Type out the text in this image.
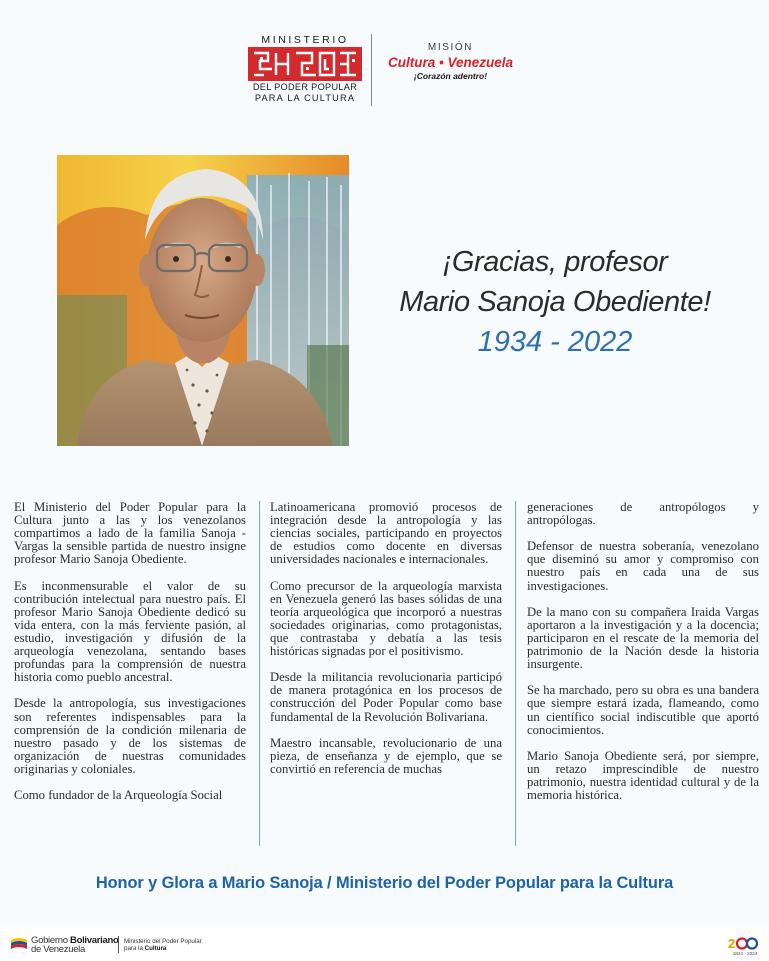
MINISTERIO
DEL PODER POPULAR
PARA LA CULTURA
MISIÓN
Cultura • Venezuela
¡Corazón adentro!
¡Gracias, profesor
Mario Sanoja Obediente!
1934 - 2022

El Ministerio del Poder Popular para la Cultura junto a las y los venezolanos compartimos a lado de la familia Sanoja -Vargas la sensible partida de nuestro insigne profesor Mario Sanoja Obediente.

Es inconmensurable el valor de su contribución intelectual para nuestro país. El profesor Mario Sanoja Obediente dedicó su vida entera, con la más ferviente pasión, al estudio, investigación y difusión de la arqueología venezolana, sentando bases profundas para la comprensión de nuestra historia como pueblo ancestral.

Desde la antropología, sus investigaciones son referentes indispensables para la comprensión de la condición milenaria de nuestro pasado y de los sistemas de organización de nuestras comunidades originarias y coloniales.

Como fundador de la Arqueología Social

Latinoamericana promovió procesos de integración desde la antropología y las ciencias sociales, participando en proyectos de estudios como docente en diversas universidades nacionales e internacionales.

Como precursor de la arqueología marxista en Venezuela generó las bases sólidas de una teoría arqueológica que incorporó a nuestras sociedades originarias, como protagonistas, que contrastaba y debatía a las tesis históricas signadas por el positivismo.

Desde la militancia revolucionaria participó de manera protagónica en los procesos de construcción del Poder Popular como base fundamental de la Revolución Bolivariana.

Maestro incansable, revolucionario de una pieza, de enseñanza y de ejemplo, que se convirtió en referencia de muchas

generaciones de antropólogos y antropólogas.

Defensor de nuestra soberanía, venezolano que diseminó su amor y compromiso con nuestro país en cada una de sus investigaciones.

De la mano con su compañera Iraida Vargas aportaron a la investigación y a la docencia; participaron en el rescate de la memoria del patrimonio de la Nación desde la historia insurgente.

Se ha marchado, pero su obra es una bandera que siempre estará izada, flameando, como un científico social indiscutible que aportó conocimientos.

Mario Sanoja Obediente será, por siempre, un retazo imprescindible de nuestro patrimonio, nuestra identidad cultural y de la memoria histórica.

Honor y Glora a Mario Sanoja / Ministerio del Poder Popular para la Cultura
Gobierno Bolivariano
de Venezuela
Ministerio del Poder Popular
para la Cultura	2
1824 · 2024
